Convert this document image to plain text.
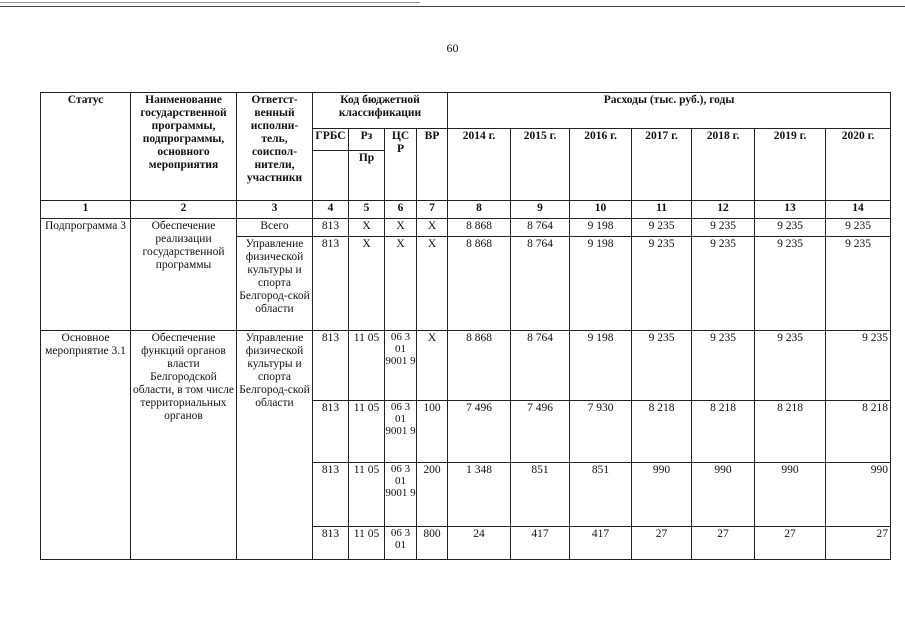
60
Статус	Наименование государственной программы, подпрограммы, основного мероприятия	Ответст-венный исполни-тель, соиспол-нители, участники	Код бюджетной классификации				Расходы (тыс. руб.), годы						
			ГРБС	Рз	ЦС Р	ВР	2014 г.	2015 г.	2016 г.	2017 г.	2018 г.	2019 г.	2020 г.
				Пр									
1	2	3	4	5	6	7	8	9	10	11	12	13	14
Подпрограмма 3	Обеспечение реализации государственной программы	Всего	813	Х	Х	Х	8 868	8 764	9 198	9 235	9 235	9 235	9 235
		Управление физической культуры и спорта Белгород-ской области	813	Х	Х	Х	8 868	8 764	9 198	9 235	9 235	9 235	9 235
Основное мероприятие 3.1	Обеспечение функций органов власти Белгородской области, в том числе территориальных органов	Управление физической культуры и спорта Белгород-ской области	813	11 05	06 3 01 9001 9	Х	8 868	8 764	9 198	9 235	9 235	9 235	9 235
			813	11 05	06 3 01 9001 9	100	7 496	7 496	7 930	8 218	8 218	8 218	8 218
			813	11 05	06 3 01 9001 9	200	1 348	851	851	990	990	990	990
			813	11 05	06 3 01	800	24	417	417	27	27	27	27
